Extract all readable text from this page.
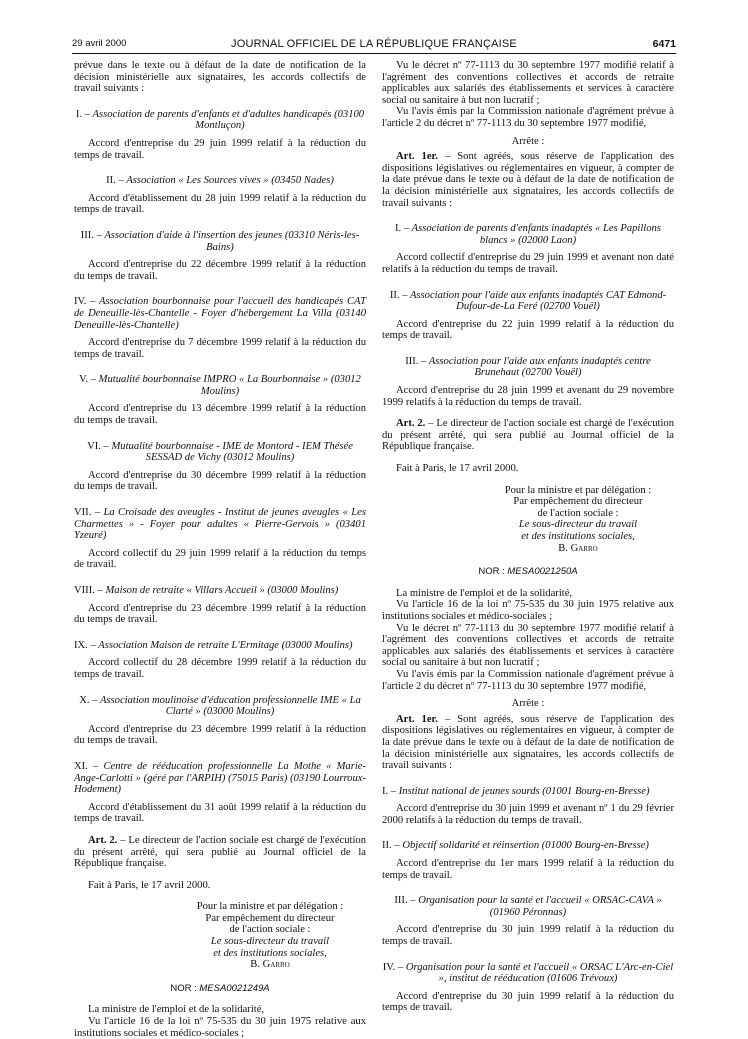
29 avril 2000	JOURNAL OFFICIEL DE LA RÉPUBLIQUE FRANÇAISE	6471

prévue dans le texte ou à défaut de la date de notification de la décision ministérielle aux signataires, les accords collectifs de travail suivants :

I. – Association de parents d'enfants et d'adultes handicapés (03100 Montluçon)

Accord d'entreprise du 29 juin 1999 relatif à la réduction du temps de travail.

II. – Association « Les Sources vives » (03450 Nades)

Accord d'établissement du 28 juin 1999 relatif à la réduction du temps de travail.

III. – Association d'aide à l'insertion des jeunes (03310 Néris-les-Bains)

Accord d'entreprise du 22 décembre 1999 relatif à la réduction du temps de travail.

IV. – Association bourbonnaise pour l'accueil des handicapés CAT de Deneuille-lès-Chantelle - Foyer d'hébergement La Villa (03140 Deneuille-lès-Chantelle)

Accord d'entreprise du 7 décembre 1999 relatif à la réduction du temps de travail.

V. – Mutualité bourbonnaise IMPRO « La Bourbonnaise » (03012 Moulins)

Accord d'entreprise du 13 décembre 1999 relatif à la réduction du temps de travail.

VI. – Mutualité bourbonnaise - IME de Montord - IEM Thésée SESSAD de Vichy (03012 Moulins)

Accord d'entreprise du 30 décembre 1999 relatif à la réduction du temps de travail.

VII. – La Croisade des aveugles - Institut de jeunes aveugles « Les Charmettes » - Foyer pour adultes « Pierre-Gervois » (03401 Yzeuré)

Accord collectif du 29 juin 1999 relatif à la réduction du temps de travail.

VIII. – Maison de retraite « Villars Accueil » (03000 Moulins)

Accord d'entreprise du 23 décembre 1999 relatif à la réduction du temps de travail.

IX. – Association Maison de retraite L'Ermitage (03000 Moulins)

Accord collectif du 28 décembre 1999 relatif à la réduction du temps de travail.

X. – Association moulinoise d'éducation professionnelle IME « La Clarté » (03000 Moulins)

Accord d'entreprise du 23 décembre 1999 relatif à la réduction du temps de travail.

XI. – Centre de rééducation professionnelle La Mothe « Marie-Ange-Carlotti » (géré par l'ARPIH) (75015 Paris) (03190 Lourroux-Hodement)

Accord d'établissement du 31 août 1999 relatif à la réduction du temps de travail.

Art. 2. – Le directeur de l'action sociale est chargé de l'exécution du présent arrêté, qui sera publié au Journal officiel de la République française.

Fait à Paris, le 17 avril 2000.

Pour la ministre et par délégation :
Par empêchement du directeur
de l'action sociale :
Le sous-directeur du travail
et des institutions sociales,
B. Garro
NOR : MESA0021249A

La ministre de l'emploi et de la solidarité,

Vu l'article 16 de la loi nº 75-535 du 30 juin 1975 relative aux institutions sociales et médico-sociales ;

Vu le décret nº 77-1113 du 30 septembre 1977 modifié relatif à l'agrément des conventions collectives et accords de retraite applicables aux salariés des établissements et services à caractère social ou sanitaire à but non lucratif ;

Vu l'avis émis par la Commission nationale d'agrément prévue à l'article 2 du décret nº 77-1113 du 30 septembre 1977 modifié,

Arrête :

Art. 1er. – Sont agréés, sous réserve de l'application des dispositions législatives ou réglementaires en vigueur, à compter de la date prévue dans le texte ou à défaut de la date de notification de la décision ministérielle aux signataires, les accords collectifs de travail suivants :

I. – Association de parents d'enfants inadaptés « Les Papillons blancs » (02000 Laon)

Accord collectif d'entreprise du 29 juin 1999 et avenant non daté relatifs à la réduction du temps de travail.

II. – Association pour l'aide aux enfants inadaptés CAT Edmond-Dufour-de-La Feré (02700 Vouël)

Accord d'entreprise du 22 juin 1999 relatif à la réduction du temps de travail.

III. – Association pour l'aide aux enfants inadaptés centre Brunehaut (02700 Vouël)

Accord d'entreprise du 28 juin 1999 et avenant du 29 novembre 1999 relatifs à la réduction du temps de travail.

Art. 2. – Le directeur de l'action sociale est chargé de l'exécution du présent arrêté, qui sera publié au Journal officiel de la République française.

Fait à Paris, le 17 avril 2000.

Pour la ministre et par délégation :
Par empêchement du directeur
de l'action sociale :
Le sous-directeur du travail
et des institutions sociales,
B. Garro
NOR : MESA0021250A

La ministre de l'emploi et de la solidarité,

Vu l'article 16 de la loi nº 75-535 du 30 juin 1975 relative aux institutions sociales et médico-sociales ;

Vu le décret nº 77-1113 du 30 septembre 1977 modifié relatif à l'agrément des conventions collectives et accords de retraite applicables aux salariés des établissements et services à caractère social ou sanitaire à but non lucratif ;

Vu l'avis émis par la Commission nationale d'agrément prévue à l'article 2 du décret nº 77-1113 du 30 septembre 1977 modifié,

Arrête :

Art. 1er. – Sont agréés, sous réserve de l'application des dispositions législatives ou réglementaires en vigueur, à compter de la date prévue dans le texte ou à défaut de la date de notification de la décision ministérielle aux signataires, les accords collectifs de travail suivants :

I. – Institut national de jeunes sourds (01001 Bourg-en-Bresse)

Accord d'entreprise du 30 juin 1999 et avenant nº 1 du 29 février 2000 relatifs à la réduction du temps de travail.

II. – Objectif solidarité et réinsertion (01000 Bourg-en-Bresse)

Accord d'entreprise du 1er mars 1999 relatif à la réduction du temps de travail.

III. – Organisation pour la santé et l'accueil « ORSAC-CAVA » (01960 Péronnas)

Accord d'entreprise du 30 juin 1999 relatif à la réduction du temps de travail.

IV. – Organisation pour la santé et l'accueil « ORSAC L'Arc-en-Ciel », institut de rééducation (01606 Trévoux)

Accord d'entreprise du 30 juin 1999 relatif à la réduction du temps de travail.
